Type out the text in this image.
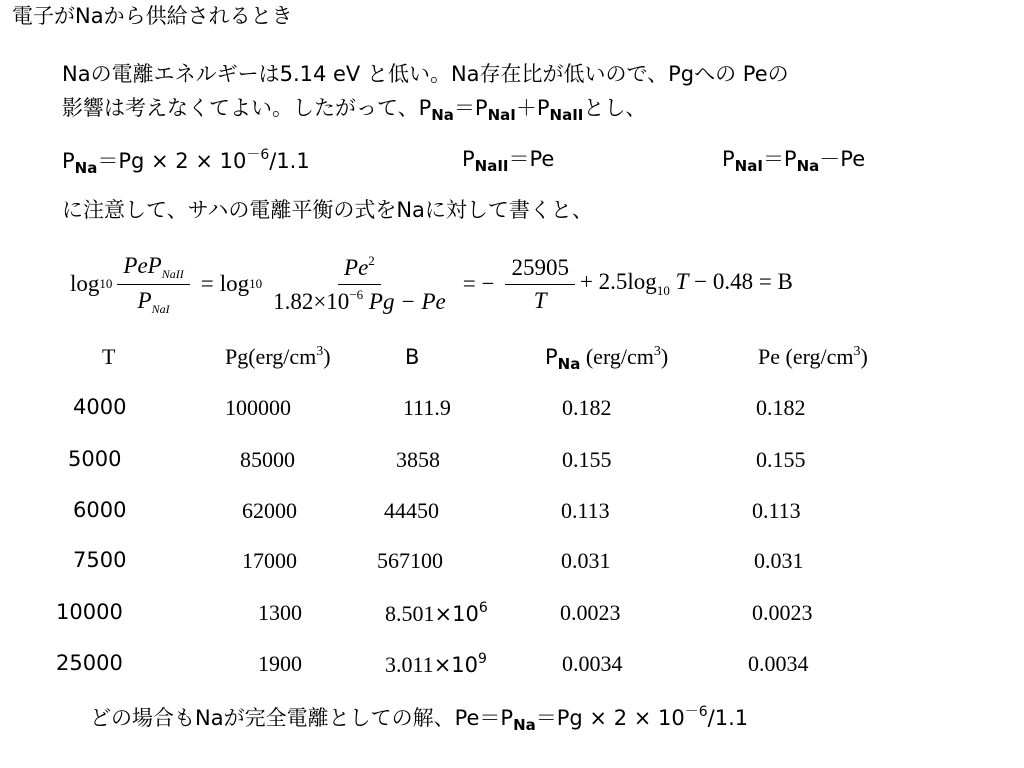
電子がNaから供給されるとき
Naの電離エネルギーは5.14 eV と低い。Na存在比が低いので、Pgへの Peの
影響は考えなくてよい。したがって、$P_{Na}=P_{NaI}+P_{NaII}$とし、
$P_{Na}=Pg \times 2 \times 10^{-6}/1.1$	$P_{NaII}=Pe$	$P_{NaI}=P_{Na}-Pe$
に注意して、サハの電離平衡の式をNaに対して書くと、
$\log 10 \frac{PeP_{NaII}}{P_{NaI}} = \log 10 \frac{Pe^2}{1.82\times 10^{-6} Pg - Pe}$ = − $\frac{25905}{T} + 2.5\log_{10}$ T − 0.48 = B
T	$Pg(erg/cm^3)$	B	$P_{Na}$ $(erg/cm^3)$	Pe $(erg/cm^3)$
4000	100000	111.9	0.182	0.182
5000	85000	3858	0.155	0.155
6000	62000	44450	0.113	0.113
7500	17000	567100	0.031	0.031
10000	1300	$8.501\times 10^6$	0.0023	0.0023
25000	1900	$3.011\times 10^9$	0.0034	0.0034
どの場合もNaが完全電離としての解、$Pe=P_{Na}=Pg \times 2 \times 10^{-6}/1.1$
